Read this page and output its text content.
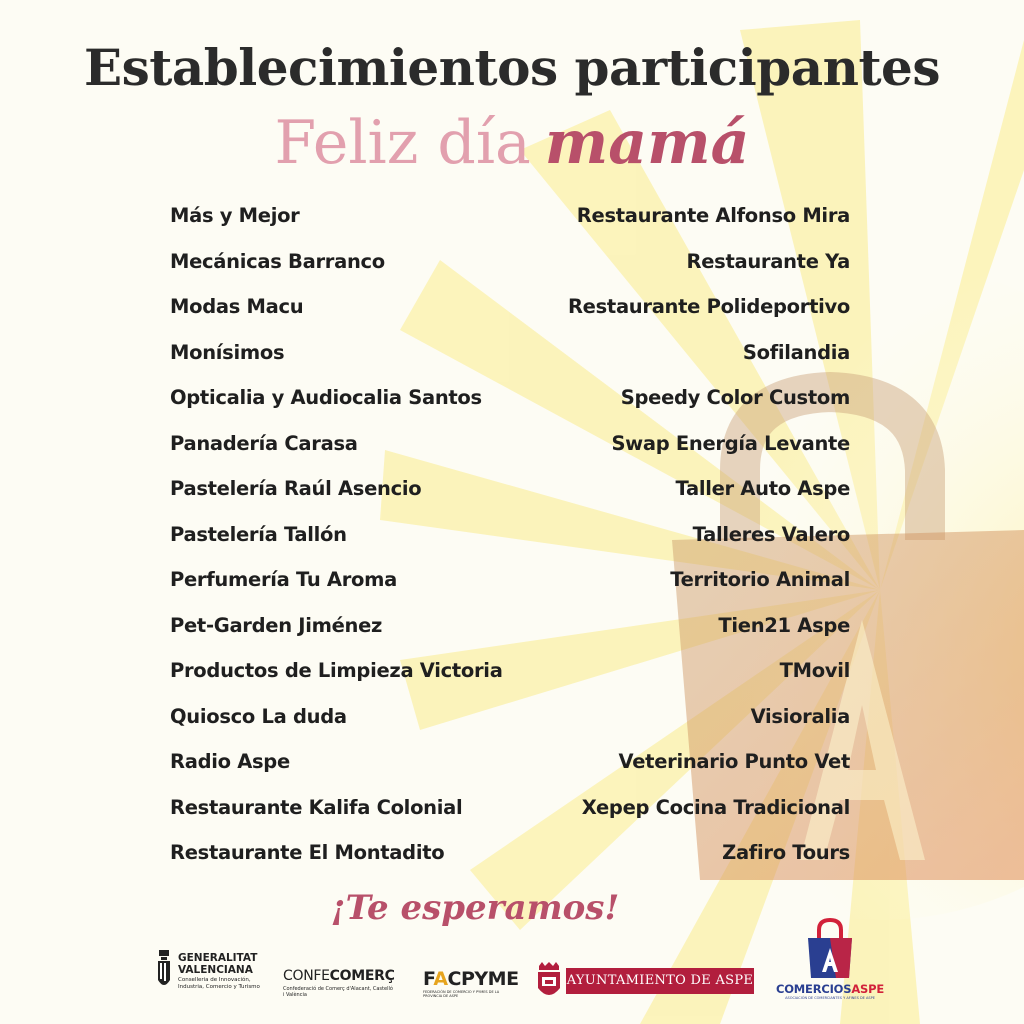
Establecimientos participantes
Feliz día mamá
Más y Mejor
Mecánicas Barranco
Modas Macu
Monísimos
Opticalia y Audiocalia Santos
Panadería Carasa
Pastelería Raúl Asencio
Pastelería Tallón
Perfumería Tu Aroma
Pet-Garden Jiménez
Productos de Limpieza Victoria
Quiosco La duda
Radio Aspe
Restaurante Kalifa Colonial
Restaurante El Montadito
Restaurante Alfonso Mira
Restaurante Ya
Restaurante Polideportivo
Sofilandia
Speedy Color Custom
Swap Energía Levante
Taller Auto Aspe
Talleres Valero
Territorio Animal
Tien21 Aspe
TMovil
Visioralia
Veterinario Punto Vet
Xepep Cocina Tradicional
Zafiro Tours
¡Te esperamos!
GENERALITAT
VALENCIANA
Conselleria de Innovación, Industria, Comercio y Turismo
CONFECOMERÇ
Confederació de Comerç d'Alacant, Castelló i València
FACPYME
FEDERACIÓN DE COMERCIO Y PYMES DE LA PROVINCIA DE ASPE
AYUNTAMIENTO DE ASPE
COMERCIOSASPE
ASOCIACIÓN DE COMERCIANTES Y AFINES DE ASPE
